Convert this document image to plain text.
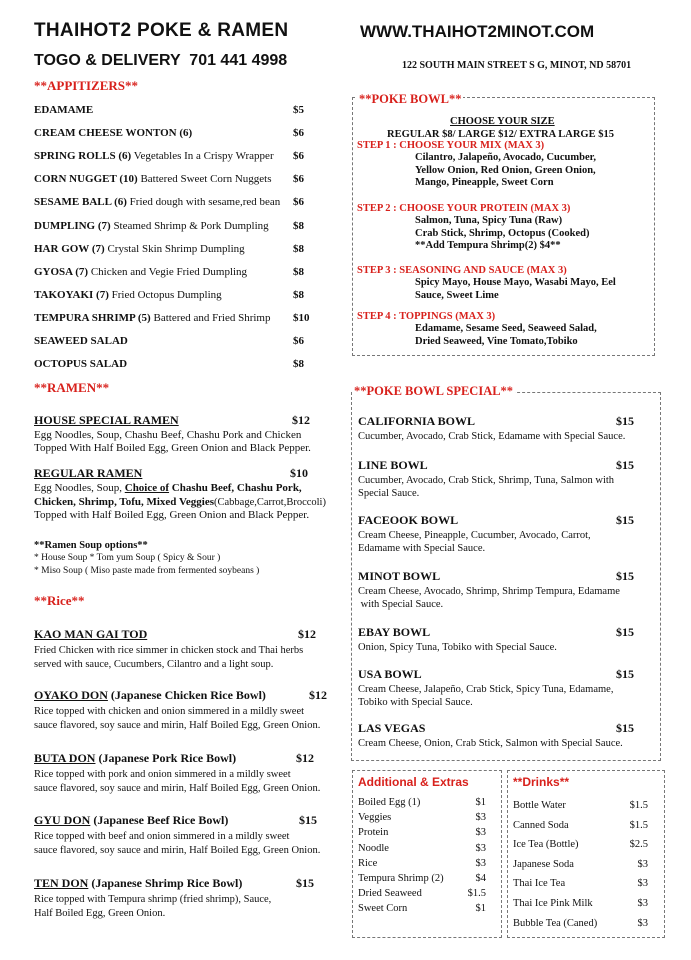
THAIHOT2 POKE & RAMEN	WWW.THAIHOT2MINOT.COM
TOGO & DELIVERY  701 441 4998	122 SOUTH MAIN STREET S G, MINOT, ND 58701
**APPITIZERS**
EDAMAME	$5
CREAM CHEESE WONTON (6)	$6
SPRING ROLLS (6) Vegetables In a Crispy Wrapper $6
CORN NUGGET (10) Battered Sweet Corn Nuggets $6
SESAME BALL (6) Fried dough with sesame,red bean $6
DUMPLING (7) Steamed Shrimp & Pork Dumpling $8
HAR GOW (7) Crystal Skin Shrimp Dumpling	$8
GYOSA (7) Chicken and Vegie Fried Dumpling	$8
TAKOYAKI (7) Fried Octopus Dumpling	$8
TEMPURA SHRIMP (5) Battered and Fried Shrimp $10
SEAWEED SALAD	$6
OCTOPUS SALAD	$8
**RAMEN**
HOUSE SPECIAL RAMEN	$12
Egg Noodles, Soup, Chashu Beef, Chashu Pork and Chicken
Topped With Half Boiled Egg, Green Onion and Black Pepper.
REGULAR RAMEN	$10
Egg Noodles, Soup, Choice of Chashu Beef, Chashu Pork,
Chicken, Shrimp, Tofu, Mixed Veggies(Cabbage,Carrot,Broccoli)
Topped with Half Boiled Egg, Green Onion and Black Pepper.
**Ramen Soup options**
* House Soup * Tom yum Soup ( Spicy & Sour )
* Miso Soup ( Miso paste made from fermented soybeans )
**Rice**
KAO MAN GAI TOD	$12
Fried Chicken with rice simmer in chicken stock and Thai herbs
served with sauce, Cucumbers, Cilantro and a light soup.
OYAKO DON (Japanese Chicken Rice Bowl)	$12
Rice topped with chicken and onion simmered in a mildly sweet
sauce flavored, soy sauce and mirin, Half Boiled Egg, Green Onion.
BUTA DON (Japanese Pork Rice Bowl)	$12
Rice topped with pork and onion simmered in a mildly sweet
sauce flavored, soy sauce and mirin, Half Boiled Egg, Green Onion.
GYU DON (Japanese Beef Rice Bowl)	$15
Rice topped with beef and onion simmered in a mildly sweet
sauce flavored, soy sauce and mirin, Half Boiled Egg, Green Onion.
TEN DON (Japanese Shrimp Rice Bowl)	$15
Rice topped with Tempura shrimp (fried shrimp), Sauce,
Half Boiled Egg, Green Onion.
**POKE BOWL**
CHOOSE YOUR SIZE
REGULAR $8/ LARGE $12/ EXTRA LARGE $15
STEP 1 : CHOOSE YOUR MIX (MAX 3)
Cilantro, Jalapeño, Avocado, Cucumber,
Yellow Onion, Red Onion, Green Onion,
Mango, Pineapple, Sweet Corn
STEP 2 : CHOOSE YOUR PROTEIN (MAX 3)
Salmon, Tuna, Spicy Tuna (Raw)
Crab Stick, Shrimp, Octopus (Cooked)
**Add Tempura Shrimp(2) $4**
STEP 3 : SEASONING AND SAUCE (MAX 3)
Spicy Mayo, House Mayo, Wasabi Mayo, Eel
Sauce, Sweet Lime
STEP 4 : TOPPINGS (MAX 3)
Edamame, Sesame Seed, Seaweed Salad,
Dried Seaweed, Vine Tomato,Tobiko
**POKE BOWL SPECIAL**
CALIFORNIA BOWL	$15
Cucumber, Avocado, Crab Stick, Edamame with Special Sauce.
LINE BOWL	$15
Cucumber, Avocado, Crab Stick, Shrimp, Tuna, Salmon with
Special Sauce.
FACEOOK BOWL	$15
Cream Cheese, Pineapple, Cucumber, Avocado, Carrot,
Edamame with Special Sauce.
MINOT BOWL	$15
Cream Cheese, Avocado, Shrimp, Shrimp Tempura, Edamame
with Special Sauce.
EBAY BOWL	$15
Onion, Spicy Tuna, Tobiko with Special Sauce.
USA BOWL	$15
Cream Cheese, Jalapeño, Crab Stick, Spicy Tuna, Edamame,
Tobiko with Special Sauce.
LAS VEGAS	$15
Cream Cheese, Onion, Crab Stick, Salmon with Special Sauce.
Additional & Extras
Boiled Egg (1)	$1
Veggies	$3
Protein	$3
Noodle	$3
Rice	$3
Tempura Shrimp (2)	$4
Dried Seaweed	$1.5
Sweet Corn	$1
**Drinks**
Bottle Water	$1.5
Canned Soda	$1.5
Ice Tea (Bottle)	$2.5
Japanese Soda	$3
Thai Ice Tea	$3
Thai Ice Pink Milk	$3
Bubble Tea (Caned)	$3
